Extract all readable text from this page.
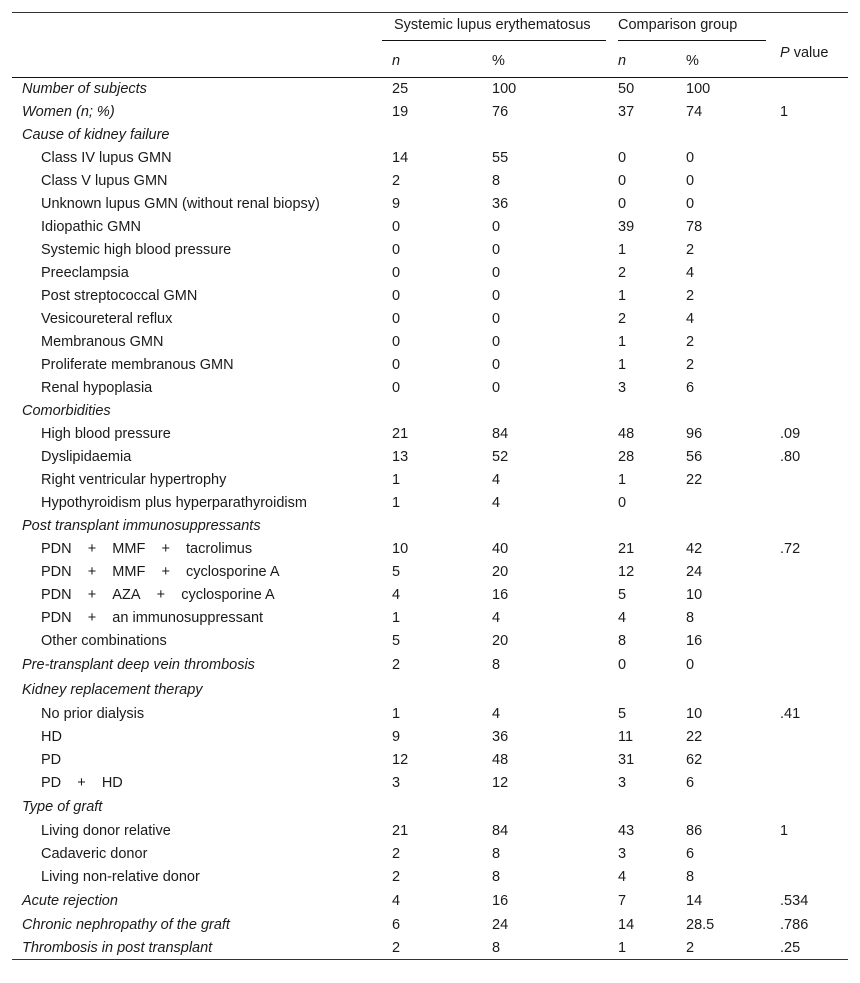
	Systemic lupus erythematosus		Comparison group		

	n	%	n	%	P value
Number of subjects	25	100	50	100	
Women (n; %)	19	76	37	74	1
Cause of kidney failure					
Class IV lupus GMN	14	55	0	0	
Class V lupus GMN	2	8	0	0	
Unknown lupus GMN (without renal biopsy)	9	36	0	0	
Idiopathic GMN	0	0	39	78	
Systemic high blood pressure	0	0	1	2	
Preeclampsia	0	0	2	4	
Post streptococcal GMN	0	0	1	2	
Vesicoureteral reflux	0	0	2	4	
Membranous GMN	0	0	1	2	
Proliferate membranous GMN	0	0	1	2	
Renal hypoplasia	0	0	3	6	
Comorbidities					
High blood pressure	21	84	48	96	.09
Dyslipidaemia	13	52	28	56	.80
Right ventricular hypertrophy	1	4	1	22	
Hypothyroidism plus hyperparathyroidism	1	4	0		
Post transplant immunosuppressants					
PDN    +    MMF    +    tacrolimus	10	40	21	42	.72
PDN    +    MMF    +    cyclosporine A	5	20	12	24	
PDN    +    AZA    +    cyclosporine A	4	16	5	10	
PDN    +    an immunosuppressant	1	4	4	8	
Other combinations	5	20	8	16	
Pre-transplant deep vein thrombosis	2	8	0	0	
Kidney replacement therapy					
No prior dialysis	1	4	5	10	.41
HD	9	36	11	22	
PD	12	48	31	62	
PD    +    HD	3	12	3	6	
Type of graft					
Living donor relative	21	84	43	86	1
Cadaveric donor	2	8	3	6	
Living non-relative donor	2	8	4	8	
Acute rejection	4	16	7	14	.534
Chronic nephropathy of the graft	6	24	14	28.5	.786
Thrombosis in post transplant	2	8	1	2	.25
